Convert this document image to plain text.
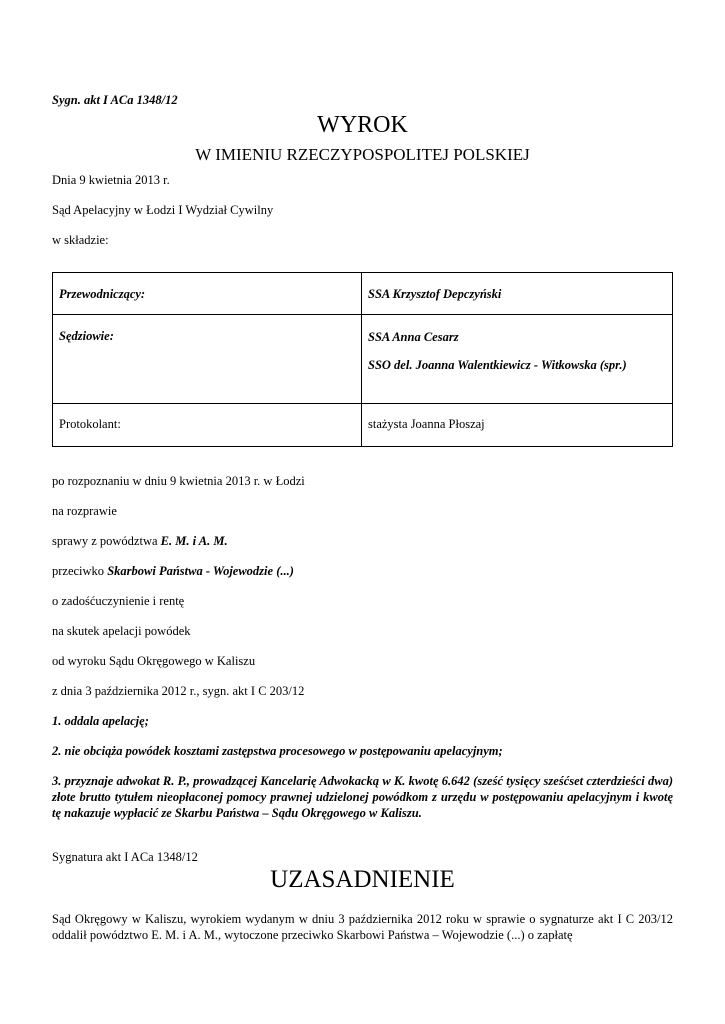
Sygn. akt I ACa 1348/12

WYROK

W IMIENIU RZECZYPOSPOLITEJ POLSKIEJ

Dnia 9 kwietnia 2013 r.

Sąd Apelacyjny w Łodzi I Wydział Cywilny

w składzie:

Przewodniczący:	SSA Krzysztof Depczyński
Sędziowie:	SSA Anna Cesarz

SSO del. Joanna Walentkiewicz - Witkowska (spr.)

Protokolant:	stażysta Joanna Płoszaj

po rozpoznaniu w dniu 9 kwietnia 2013 r. w Łodzi

na rozprawie

sprawy z powództwa E. M. i A. M.

przeciwko Skarbowi Państwa - Wojewodzie (...)

o zadośćuczynienie i rentę

na skutek apelacji powódek

od wyroku Sądu Okręgowego w Kaliszu

z dnia 3 października 2012 r., sygn. akt I C 203/12

1. oddala apelację;

2. nie obciąża powódek kosztami zastępstwa procesowego w postępowaniu apelacyjnym;

3. przyznaje adwokat R. P., prowadzącej Kancelarię Adwokacką w K. kwotę 6.642 (sześć tysięcy sześćset czterdzieści dwa) złote brutto tytułem nieopłaconej pomocy prawnej udzielonej powódkom z urzędu w postępowaniu apelacyjnym i kwotę tę nakazuje wypłacić ze Skarbu Państwa – Sądu Okręgowego w Kaliszu.

Sygnatura akt I ACa 1348/12

UZASADNIENIE

Sąd Okręgowy w Kaliszu, wyrokiem wydanym w dniu 3 października 2012 roku w sprawie o sygnaturze akt I C 203/12 oddalił powództwo E. M. i A. M., wytoczone przeciwko Skarbowi Państwa – Wojewodzie (...) o zapłatę
